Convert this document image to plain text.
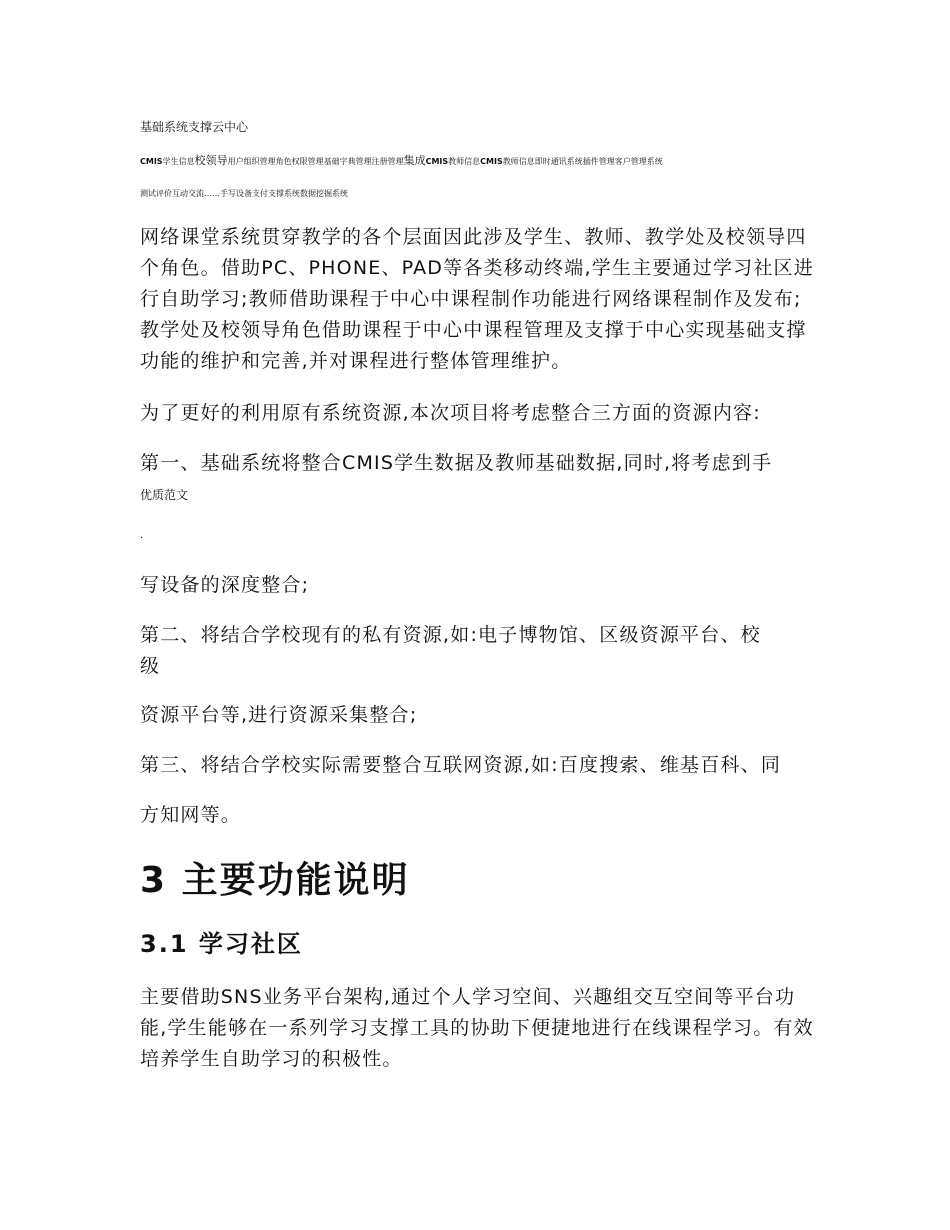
基础系统支撑云中心
CMIS学生信息校领导用户组织管理角色权限管理基础字典管理注册管理集成CMIS教师信息CMIS教师信息即时通讯系统插件管理客户管理系统
测试评价互动交流……手写设备支付支撑系统数据挖掘系统

网络课堂系统贯穿教学的各个层面因此涉及学生、教师、教学处及校领导四个角色。借助PC、PHONE、PAD等各类移动终端,学生主要通过学习社区进行自助学习;教师借助课程于中心中课程制作功能进行网络课程制作及发布;教学处及校领导角色借助课程于中心中课程管理及支撑于中心实现基础支撑功能的维护和完善,并对课程进行整体管理维护。

为了更好的利用原有系统资源,本次项目将考虑整合三方面的资源内容:

第一、基础系统将整合CMIS学生数据及教师基础数据,同时,将考虑到手

优质范文
.

写设备的深度整合;

第二、将结合学校现有的私有资源,如:电子博物馆、区级资源平台、校

级

资源平台等,进行资源采集整合;

第三、将结合学校实际需要整合互联网资源,如:百度搜索、维基百科、同

方知网等。

3 主要功能说明
3.1 学习社区

主要借助SNS业务平台架构,通过个人学习空间、兴趣组交互空间等平台功能,学生能够在一系列学习支撑工具的协助下便捷地进行在线课程学习。有效培养学生自助学习的积极性。
